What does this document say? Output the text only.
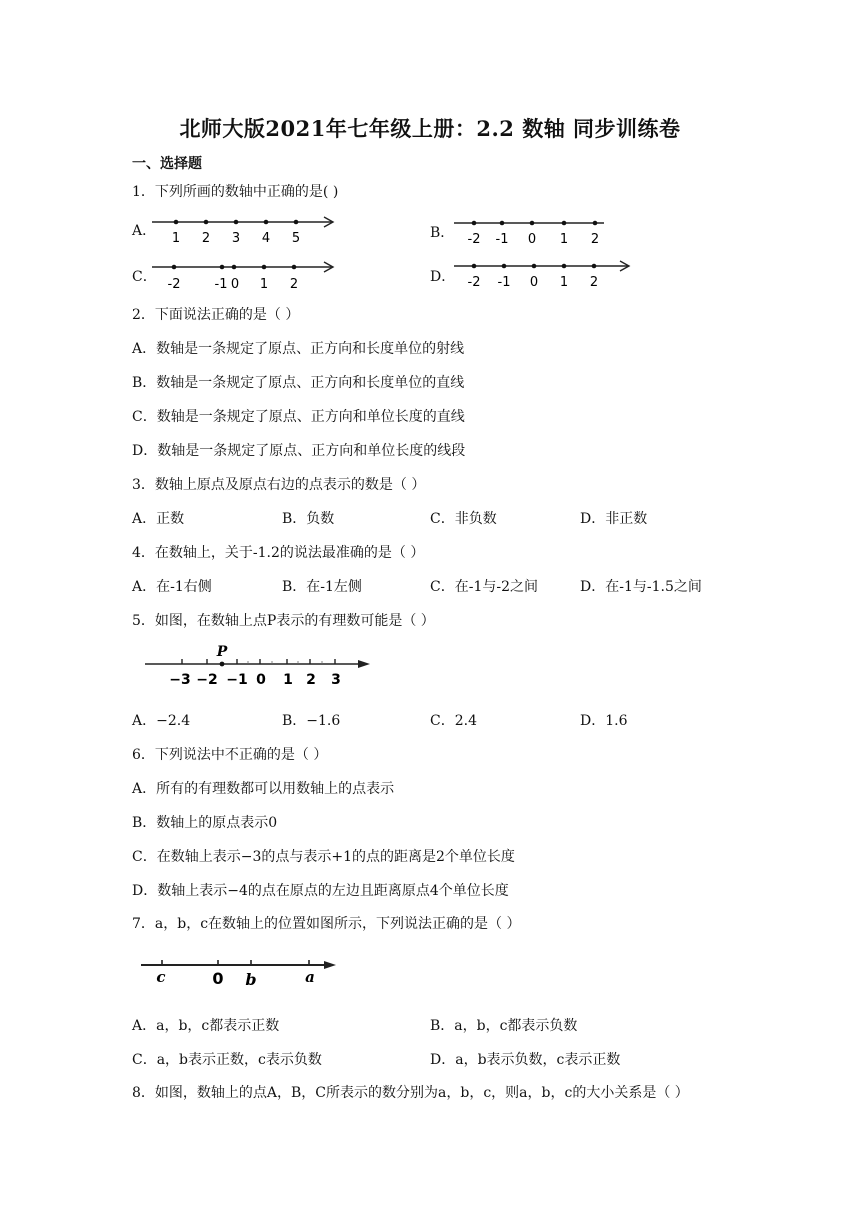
北师大版2021年七年级上册：2.2 数轴 同步训练卷
一、选择题
1．下列所画的数轴中正确的是( )
A． 1 2 3 4 5	B． -2 -1 0 1 2
C． -2	-1 0 1 2	D． -2 -1 0 1 2
2．下面说法正确的是（ ）
A．数轴是一条规定了原点、正方向和长度单位的射线
B．数轴是一条规定了原点、正方向和长度单位的直线
C．数轴是一条规定了原点、正方向和单位长度的直线
D．数轴是一条规定了原点、正方向和单位长度的线段
3．数轴上原点及原点右边的点表示的数是（ ）
A．正数	B．负数	C．非负数	D．非正数
4．在数轴上，关于-1.2的说法最准确的是（ ）
A．在-1右侧	B．在-1左侧	C．在-1与-2之间	D．在-1与-1.5之间
5．如图，在数轴上点P表示的有理数可能是（ ）
P
−3 −2 −1 0 1 2 3
A．−2.4	B．−1.6	C．2.4	D．1.6
6．下列说法中不正确的是（ ）
A．所有的有理数都可以用数轴上的点表示
B．数轴上的原点表示0
C．在数轴上表示−3的点与表示+1的点的距离是2个单位长度
D．数轴上表示−4的点在原点的左边且距离原点4个单位长度
7．a，b，c在数轴上的位置如图所示，下列说法正确的是（ ）
c	0 b	a
A．a，b，c都表示正数	B．a，b，c都表示负数
C．a，b表示正数，c表示负数	D．a，b表示负数，c表示正数
8．如图，数轴上的点A，B，C所表示的数分别为a，b，c，则a，b，c的大小关系是（ ）
